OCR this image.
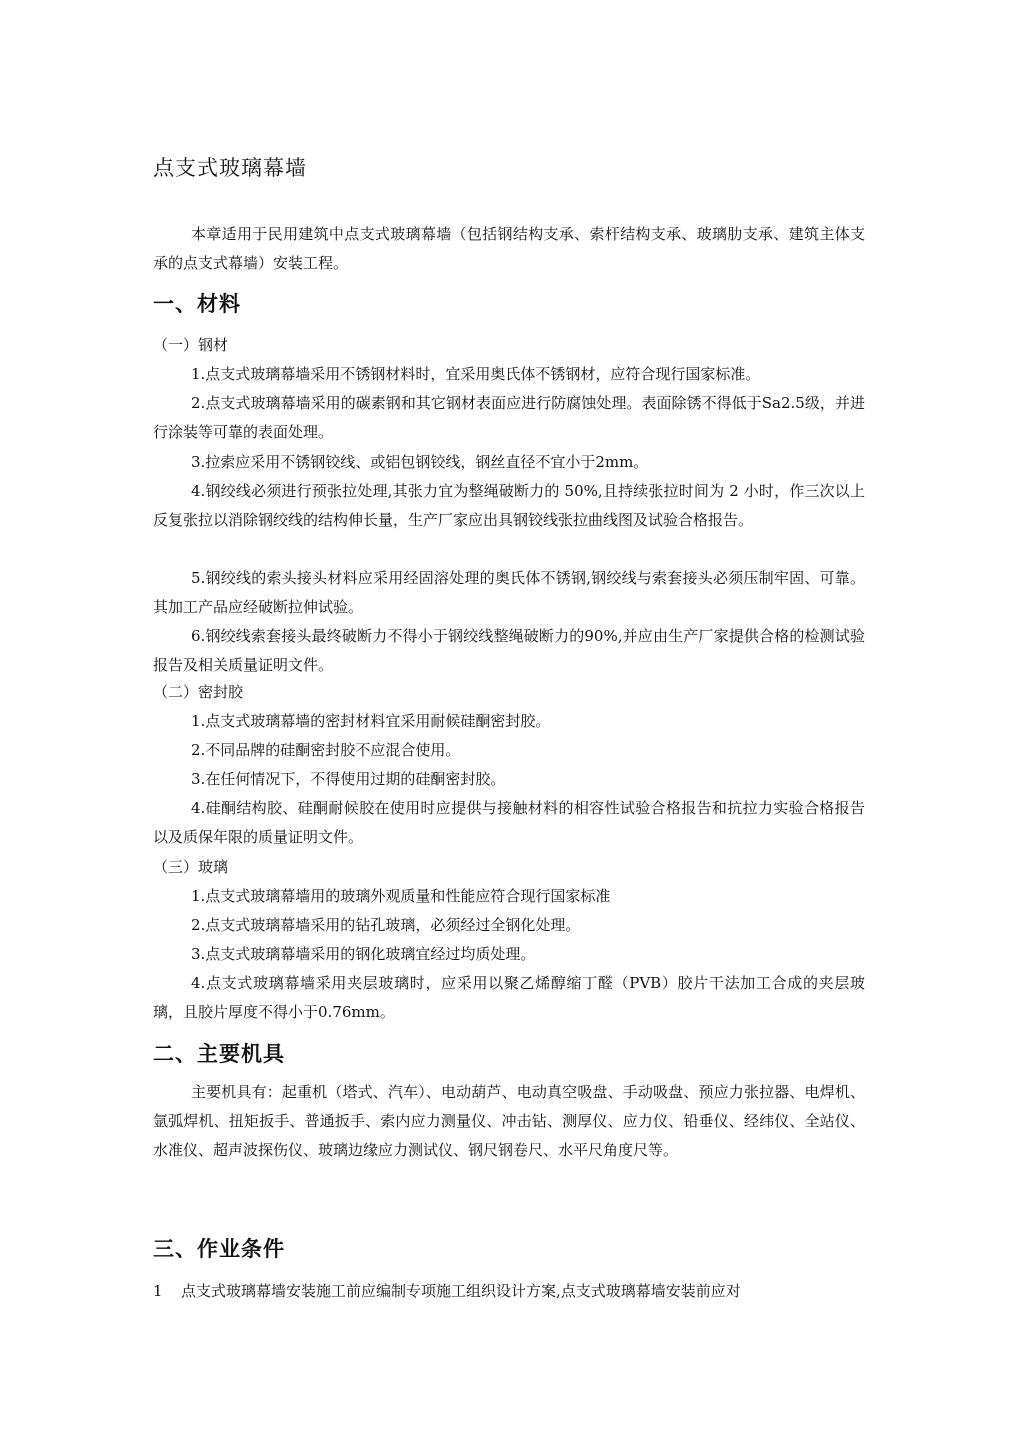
点支式玻璃幕墙

本章适用于民用建筑中点支式玻璃幕墙（包括钢结构支承、索杆结构支承、玻璃肋支承、建筑主体支承的点支式幕墙）安装工程。

一、材料
（一）钢材

1.点支式玻璃幕墙采用不锈钢材料时，宜采用奥氏体不锈钢材，应符合现行国家标准。

2.点支式玻璃幕墙采用的碳素钢和其它钢材表面应进行防腐蚀处理。表面除锈不得低于Sa2.5级，并进行涂装等可靠的表面处理。

3.拉索应采用不锈钢铰线、或铝包钢铰线，钢丝直径不宜小于2mm。

4.钢绞线必须进行预张拉处理,其张力宜为整绳破断力的 50%,且持续张拉时间为 2 小时，作三次以上反复张拉以消除钢绞线的结构伸长量，生产厂家应出具钢铰线张拉曲线图及试验合格报告。

5.钢绞线的索头接头材料应采用经固溶处理的奥氏体不锈钢,钢绞线与索套接头必须压制牢固、可靠。其加工产品应经破断拉伸试验。

6.钢绞线索套接头最终破断力不得小于钢绞线整绳破断力的90%,并应由生产厂家提供合格的检测试验报告及相关质量证明文件。

（二）密封胶

1.点支式玻璃幕墙的密封材料宜采用耐候硅酮密封胶。

2.不同品牌的硅酮密封胶不应混合使用。

3.在任何情况下，不得使用过期的硅酮密封胶。

4.硅酮结构胶、硅酮耐候胶在使用时应提供与接触材料的相容性试验合格报告和抗拉力实验合格报告以及质保年限的质量证明文件。

（三）玻璃

1.点支式玻璃幕墙用的玻璃外观质量和性能应符合现行国家标准

2.点支式玻璃幕墙采用的钻孔玻璃，必须经过全钢化处理。

3.点支式玻璃幕墙采用的钢化玻璃宜经过均质处理。

4.点支式玻璃幕墙采用夹层玻璃时，应采用以聚乙烯醇缩丁醛（PVB）胶片干法加工合成的夹层玻璃，且胶片厚度不得小于0.76mm。

二、主要机具

主要机具有：起重机（塔式、汽车）、电动葫芦、电动真空吸盘、手动吸盘、预应力张拉器、电焊机、氩弧焊机、扭矩扳手、普通扳手、索内应力测量仪、冲击钻、测厚仪、应力仪、铅垂仪、经纬仪、全站仪、水准仪、超声波探伤仪、玻璃边缘应力测试仪、钢尺钢卷尺、水平尺角度尺等。

三、作业条件
1 点支式玻璃幕墙安装施工前应编制专项施工组织设计方案,点支式玻璃幕墙安装前应对
